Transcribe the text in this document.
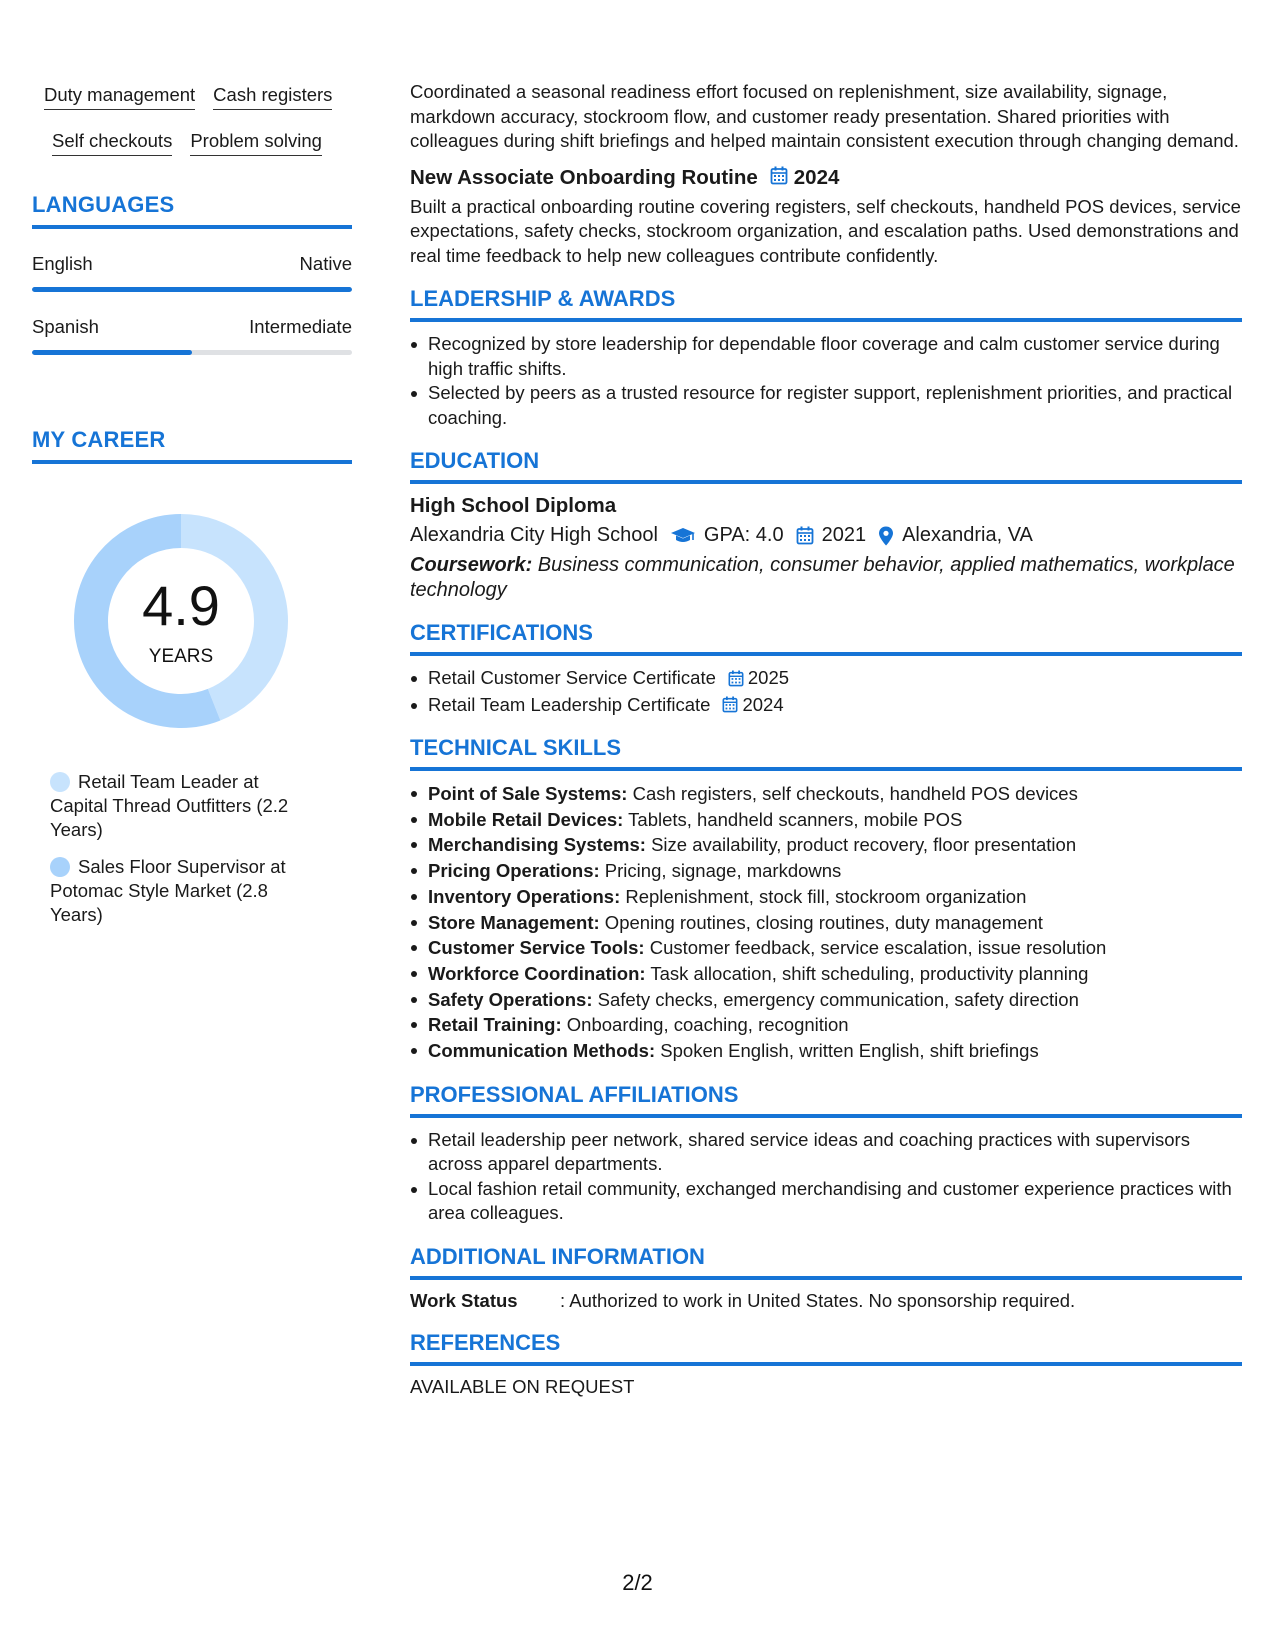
Duty management Cash registers
Self checkouts Problem solving
LANGUAGES
English	Native
Spanish	Intermediate
MY CAREER
4.9
YEARS
Retail Team Leader at Capital Thread Outfitters (2.2 Years)
Sales Floor Supervisor at Potomac Style Market (2.8 Years)

Coordinated a seasonal readiness effort focused on replenishment, size availability, signage, markdown accuracy, stockroom flow, and customer ready presentation. Shared priorities with colleagues during shift briefings and helped maintain consistent execution through changing demand.

New Associate Onboarding Routine 2024

Built a practical onboarding routine covering registers, self checkouts, handheld POS devices, service expectations, safety checks, stockroom organization, and escalation paths. Used demonstrations and real time feedback to help new colleagues contribute confidently.

LEADERSHIP & AWARDS
Recognized by store leadership for dependable floor coverage and calm customer service during high traffic shifts.
Selected by peers as a trusted resource for register support, replenishment priorities, and practical coaching.
EDUCATION
High School Diploma
Alexandria City High School GPA: 4.0 2021 Alexandria, VA
Coursework: Business communication, consumer behavior, applied mathematics, workplace technology
CERTIFICATIONS
Retail Customer Service Certificate 2025
Retail Team Leadership Certificate 2024
TECHNICAL SKILLS
Point of Sale Systems: Cash registers, self checkouts, handheld POS devices
Mobile Retail Devices: Tablets, handheld scanners, mobile POS
Merchandising Systems: Size availability, product recovery, floor presentation
Pricing Operations: Pricing, signage, markdowns
Inventory Operations: Replenishment, stock fill, stockroom organization
Store Management: Opening routines, closing routines, duty management
Customer Service Tools: Customer feedback, service escalation, issue resolution
Workforce Coordination: Task allocation, shift scheduling, productivity planning
Safety Operations: Safety checks, emergency communication, safety direction
Retail Training: Onboarding, coaching, recognition
Communication Methods: Spoken English, written English, shift briefings
PROFESSIONAL AFFILIATIONS
Retail leadership peer network, shared service ideas and coaching practices with supervisors across apparel departments.
Local fashion retail community, exchanged merchandising and customer experience practices with area colleagues.
ADDITIONAL INFORMATION
Work Status	: Authorized to work in United States. No sponsorship required.
REFERENCES
AVAILABLE ON REQUEST
2/2
